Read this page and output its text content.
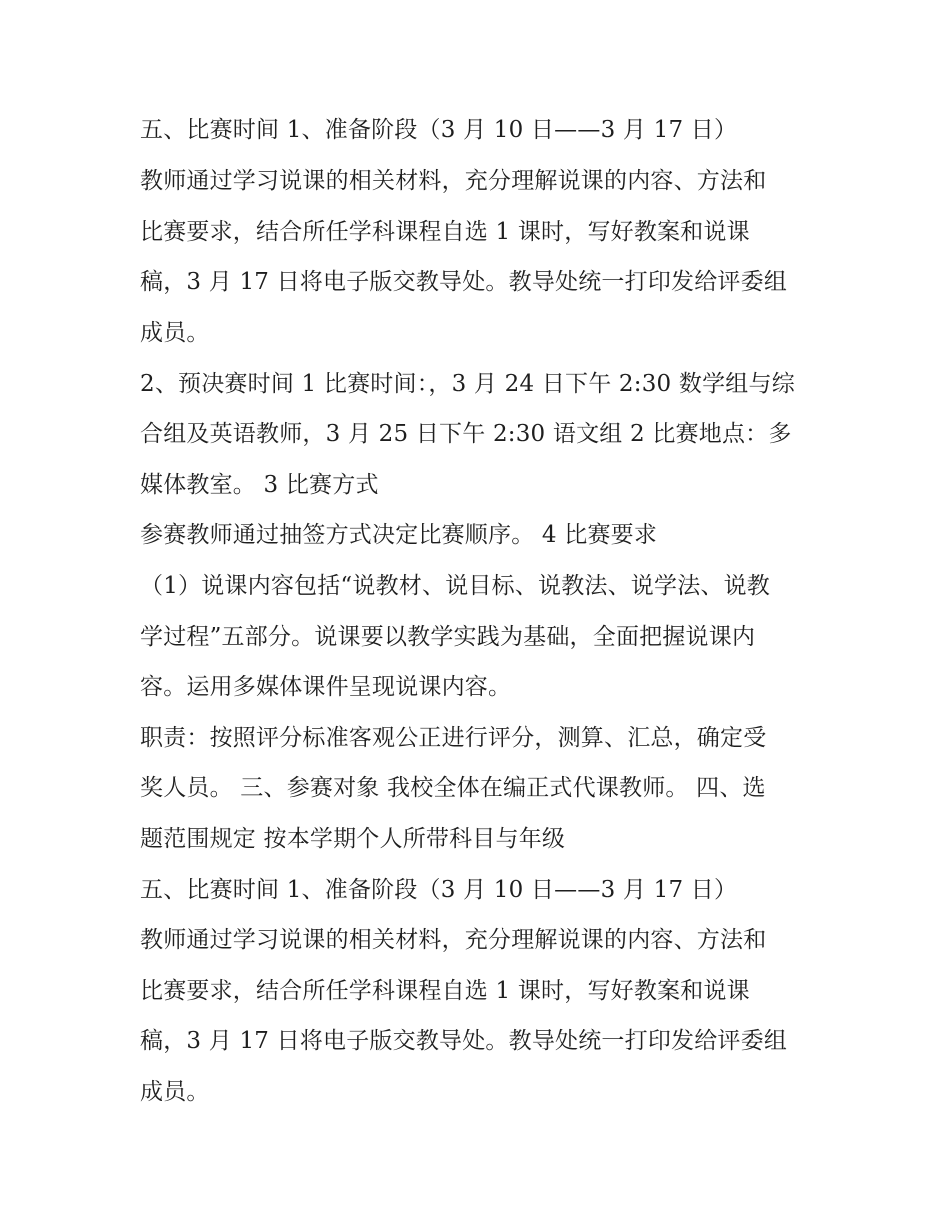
五、比赛时间 1、准备阶段（3 月 10 日——3 月 17 日）
教师通过学习说课的相关材料，充分理解说课的内容、方法和
比赛要求，结合所任学科课程自选 1 课时，写好教案和说课
稿，3 月 17 日将电子版交教导处。教导处统一打印发给评委组
成员。
2、预决赛时间 1 比赛时间：，3 月 24 日下午 2:30 数学组与综
合组及英语教师，3 月 25 日下午 2:30 语文组 2 比赛地点：多
媒体教室。 3 比赛方式
参赛教师通过抽签方式决定比赛顺序。 4 比赛要求
（1）说课内容包括“说教材、说目标、说教法、说学法、说教
学过程”五部分。说课要以教学实践为基础，全面把握说课内
容。运用多媒体课件呈现说课内容。
职责：按照评分标准客观公正进行评分，测算、汇总，确定受
奖人员。 三、参赛对象 我校全体在编正式代课教师。 四、选
题范围规定 按本学期个人所带科目与年级
五、比赛时间 1、准备阶段（3 月 10 日——3 月 17 日）
教师通过学习说课的相关材料，充分理解说课的内容、方法和
比赛要求，结合所任学科课程自选 1 课时，写好教案和说课
稿，3 月 17 日将电子版交教导处。教导处统一打印发给评委组
成员。
